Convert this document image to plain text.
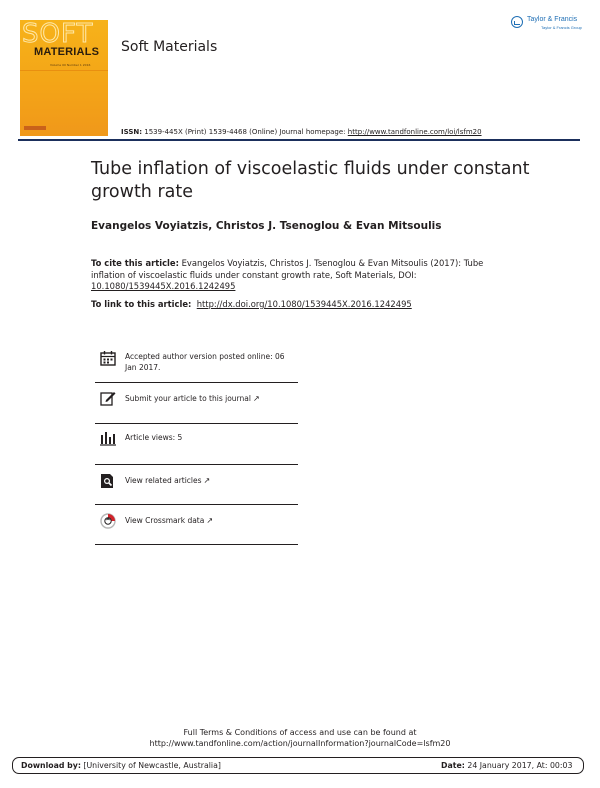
SOFT
MATERIALS
Volume 00 Number 1 2016
Soft Materials
Taylor & Francis
Taylor & Francis Group
ISSN: 1539-445X (Print) 1539-4468 (Online) Journal homepage: http://www.tandfonline.com/loi/lsfm20
Tube inflation of viscoelastic fluids under constant growth rate
Evangelos Voyiatzis, Christos J. Tsenoglou & Evan Mitsoulis
To cite this article: Evangelos Voyiatzis, Christos J. Tsenoglou & Evan Mitsoulis (2017): Tube inflation of viscoelastic fluids under constant growth rate, Soft Materials, DOI: 10.1080/1539445X.2016.1242495
To link to this article: http://dx.doi.org/10.1080/1539445X.2016.1242495
Accepted author version posted online: 06 Jan 2017.
Submit your article to this journal ↗
Article views: 5
View related articles ↗
View Crossmark data ↗
Full Terms & Conditions of access and use can be found at
http://www.tandfonline.com/action/journalInformation?journalCode=lsfm20
Download by: [University of Newcastle, Australia]	Date: 24 January 2017, At: 00:03
